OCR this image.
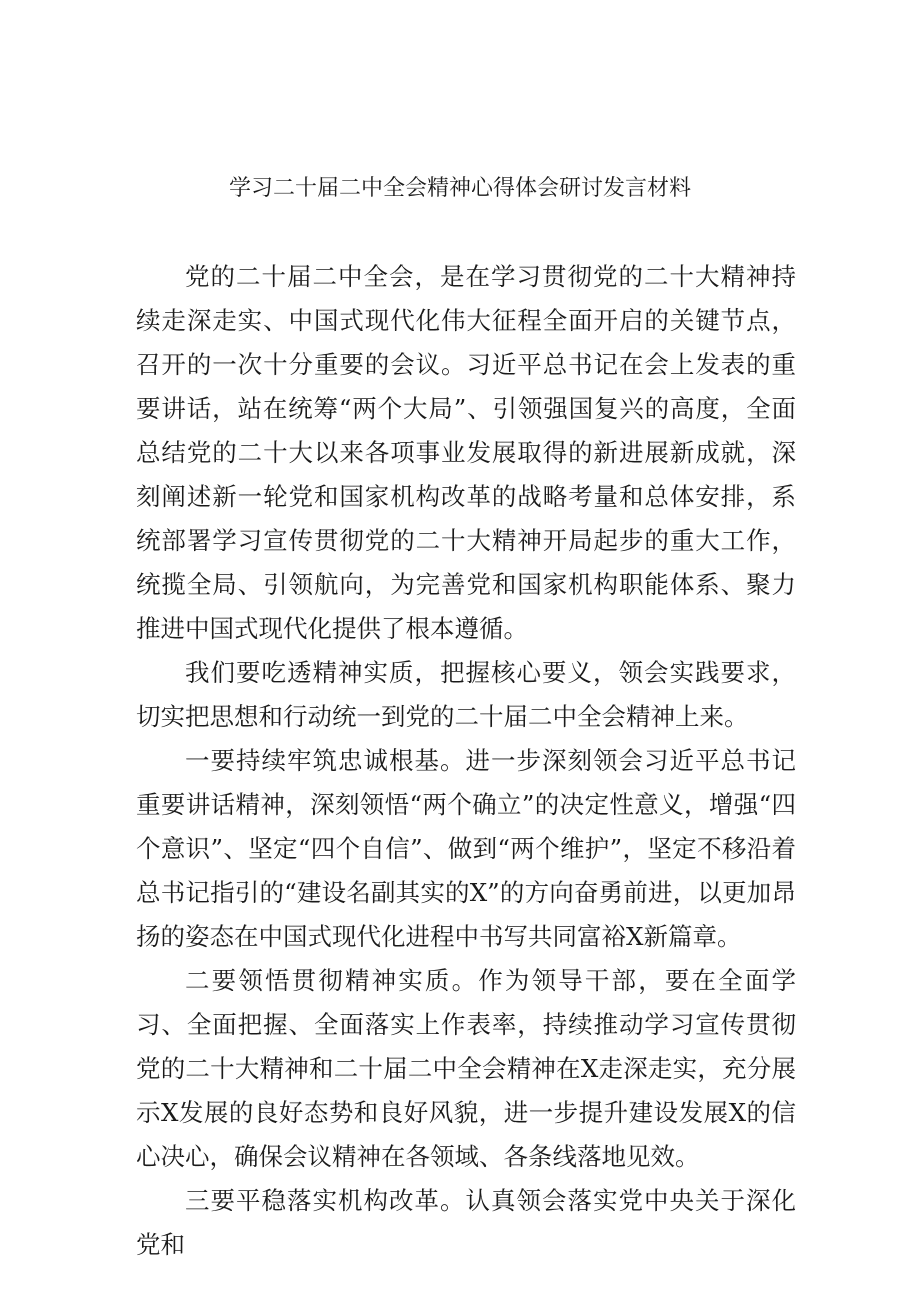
学习二十届二中全会精神心得体会研讨发言材料

党的二十届二中全会，是在学习贯彻党的二十大精神持续走深走实、中国式现代化伟大征程全面开启的关键节点，召开的一次十分重要的会议。习近平总书记在会上发表的重要讲话，站在统筹“两个大局”、引领强国复兴的高度，全面总结党的二十大以来各项事业发展取得的新进展新成就，深刻阐述新一轮党和国家机构改革的战略考量和总体安排，系统部署学习宣传贯彻党的二十大精神开局起步的重大工作，统揽全局、引领航向，为完善党和国家机构职能体系、聚力推进中国式现代化提供了根本遵循。

我们要吃透精神实质，把握核心要义，领会实践要求，切实把思想和行动统一到党的二十届二中全会精神上来。

一要持续牢筑忠诚根基。进一步深刻领会习近平总书记重要讲话精神，深刻领悟“两个确立”的决定性意义，增强“四个意识”、坚定“四个自信”、做到“两个维护”，坚定不移沿着总书记指引的“建设名副其实的X”的方向奋勇前进，以更加昂扬的姿态在中国式现代化进程中书写共同富裕X新篇章。

二要领悟贯彻精神实质。作为领导干部，要在全面学习、全面把握、全面落实上作表率，持续推动学习宣传贯彻党的二十大精神和二十届二中全会精神在X走深走实，充分展示X发展的良好态势和良好风貌，进一步提升建设发展X的信心决心，确保会议精神在各领域、各条线落地见效。

三要平稳落实机构改革。认真领会落实党中央关于深化党和
